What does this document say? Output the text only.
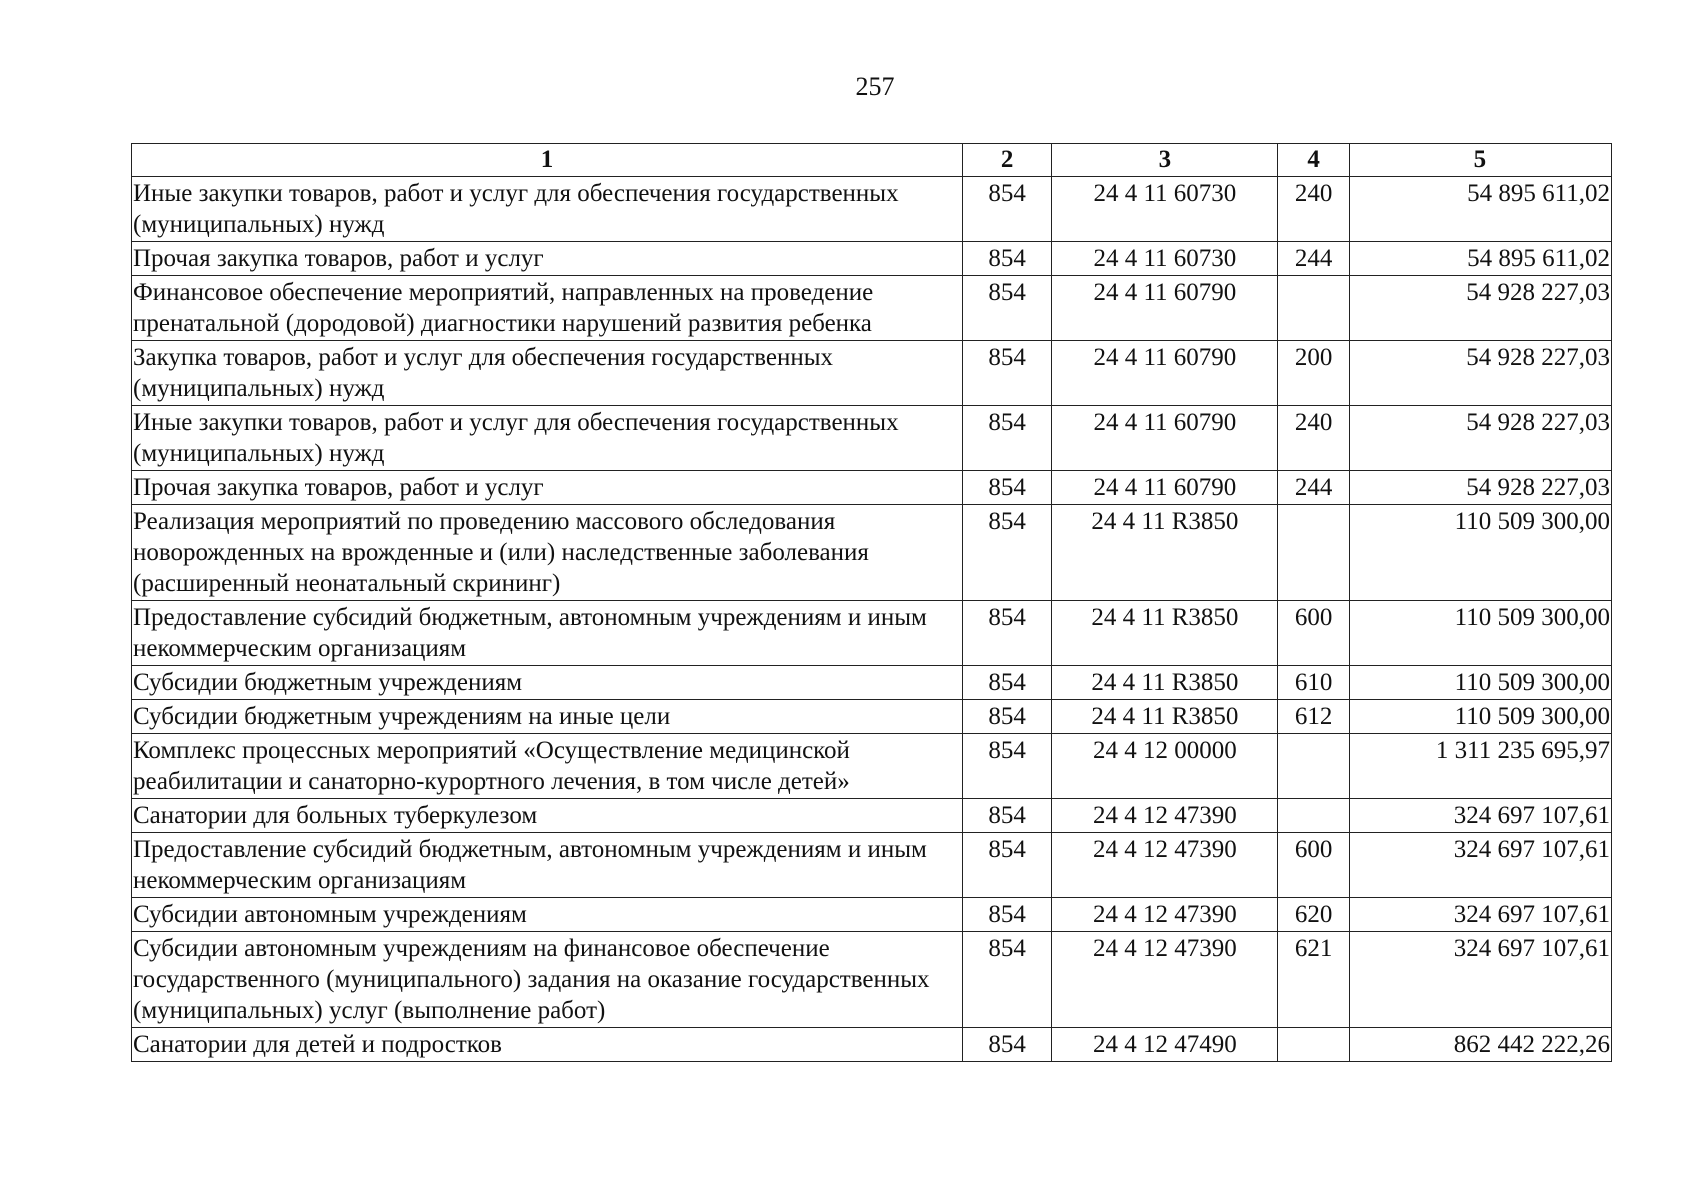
257
1	2	3	4	5
Иные закупки товаров, работ и услуг для обеспечения государственных (муниципальных) нужд	854	24 4 11 60730	240	54 895 611,02
Прочая закупка товаров, работ и услуг	854	24 4 11 60730	244	54 895 611,02
Финансовое обеспечение мероприятий, направленных на проведение пренатальной (дородовой) диагностики нарушений развития ребенка	854	24 4 11 60790		54 928 227,03
Закупка товаров, работ и услуг для обеспечения государственных (муниципальных) нужд	854	24 4 11 60790	200	54 928 227,03
Иные закупки товаров, работ и услуг для обеспечения государственных (муниципальных) нужд	854	24 4 11 60790	240	54 928 227,03
Прочая закупка товаров, работ и услуг	854	24 4 11 60790	244	54 928 227,03
Реализация мероприятий по проведению массового обследования новорожденных на врожденные и (или) наследственные заболевания (расширенный неонатальный скрининг)	854	24 4 11 R3850		110 509 300,00
Предоставление субсидий бюджетным, автономным учреждениям и иным некоммерческим организациям	854	24 4 11 R3850	600	110 509 300,00
Субсидии бюджетным учреждениям	854	24 4 11 R3850	610	110 509 300,00
Субсидии бюджетным учреждениям на иные цели	854	24 4 11 R3850	612	110 509 300,00
Комплекс процессных мероприятий «Осуществление медицинской реабилитации и санаторно-курортного лечения, в том числе детей»	854	24 4 12 00000		1 311 235 695,97
Санатории для больных туберкулезом	854	24 4 12 47390		324 697 107,61
Предоставление субсидий бюджетным, автономным учреждениям и иным некоммерческим организациям	854	24 4 12 47390	600	324 697 107,61
Субсидии автономным учреждениям	854	24 4 12 47390	620	324 697 107,61
Субсидии автономным учреждениям на финансовое обеспечение государственного (муниципального) задания на оказание государственных (муниципальных) услуг (выполнение работ)	854	24 4 12 47390	621	324 697 107,61
Санатории для детей и подростков	854	24 4 12 47490		862 442 222,26
